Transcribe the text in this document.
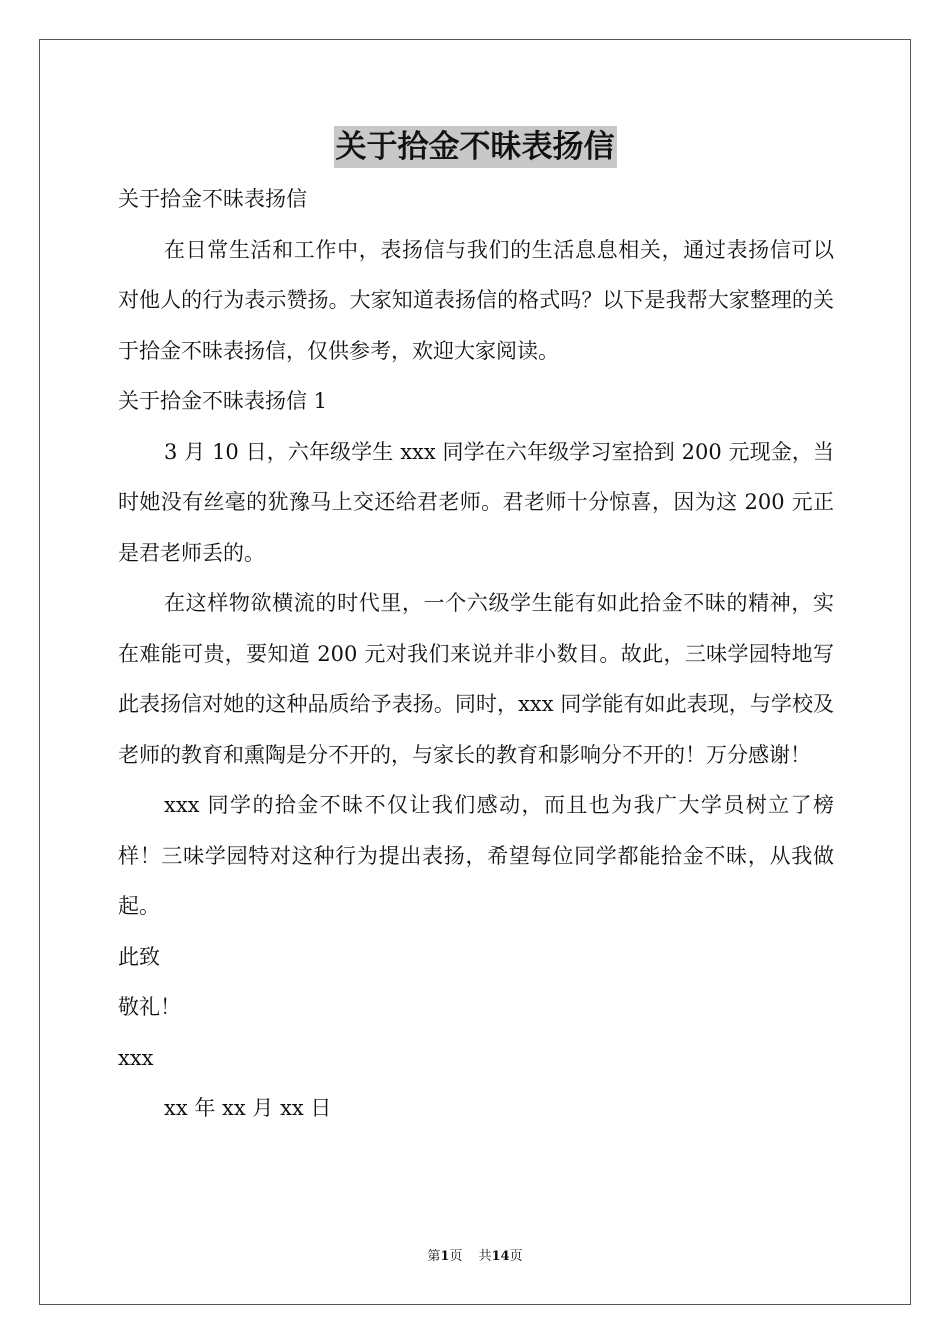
关于拾金不昧表扬信

关于拾金不昧表扬信

在日常生活和工作中，表扬信与我们的生活息息相关，通过表扬信可以对他人的行为表示赞扬。大家知道表扬信的格式吗？以下是我帮大家整理的关于拾金不昧表扬信，仅供参考，欢迎大家阅读。

关于拾金不昧表扬信 1

3 月 10 日，六年级学生 xxx 同学在六年级学习室拾到 200 元现金，当时她没有丝毫的犹豫马上交还给君老师。君老师十分惊喜，因为这 200 元正是君老师丢的。

在这样物欲横流的时代里，一个六级学生能有如此拾金不昧的精神，实在难能可贵，要知道 200 元对我们来说并非小数目。故此，三味学园特地写此表扬信对她的这种品质给予表扬。同时，xxx 同学能有如此表现，与学校及老师的教育和熏陶是分不开的，与家长的教育和影响分不开的！万分感谢！

xxx 同学的拾金不昧不仅让我们感动，而且也为我广大学员树立了榜样！三味学园特对这种行为提出表扬，希望每位同学都能拾金不昧，从我做起。

此致

敬礼！

xxx

xx 年 xx 月 xx 日

第1页 共14页
